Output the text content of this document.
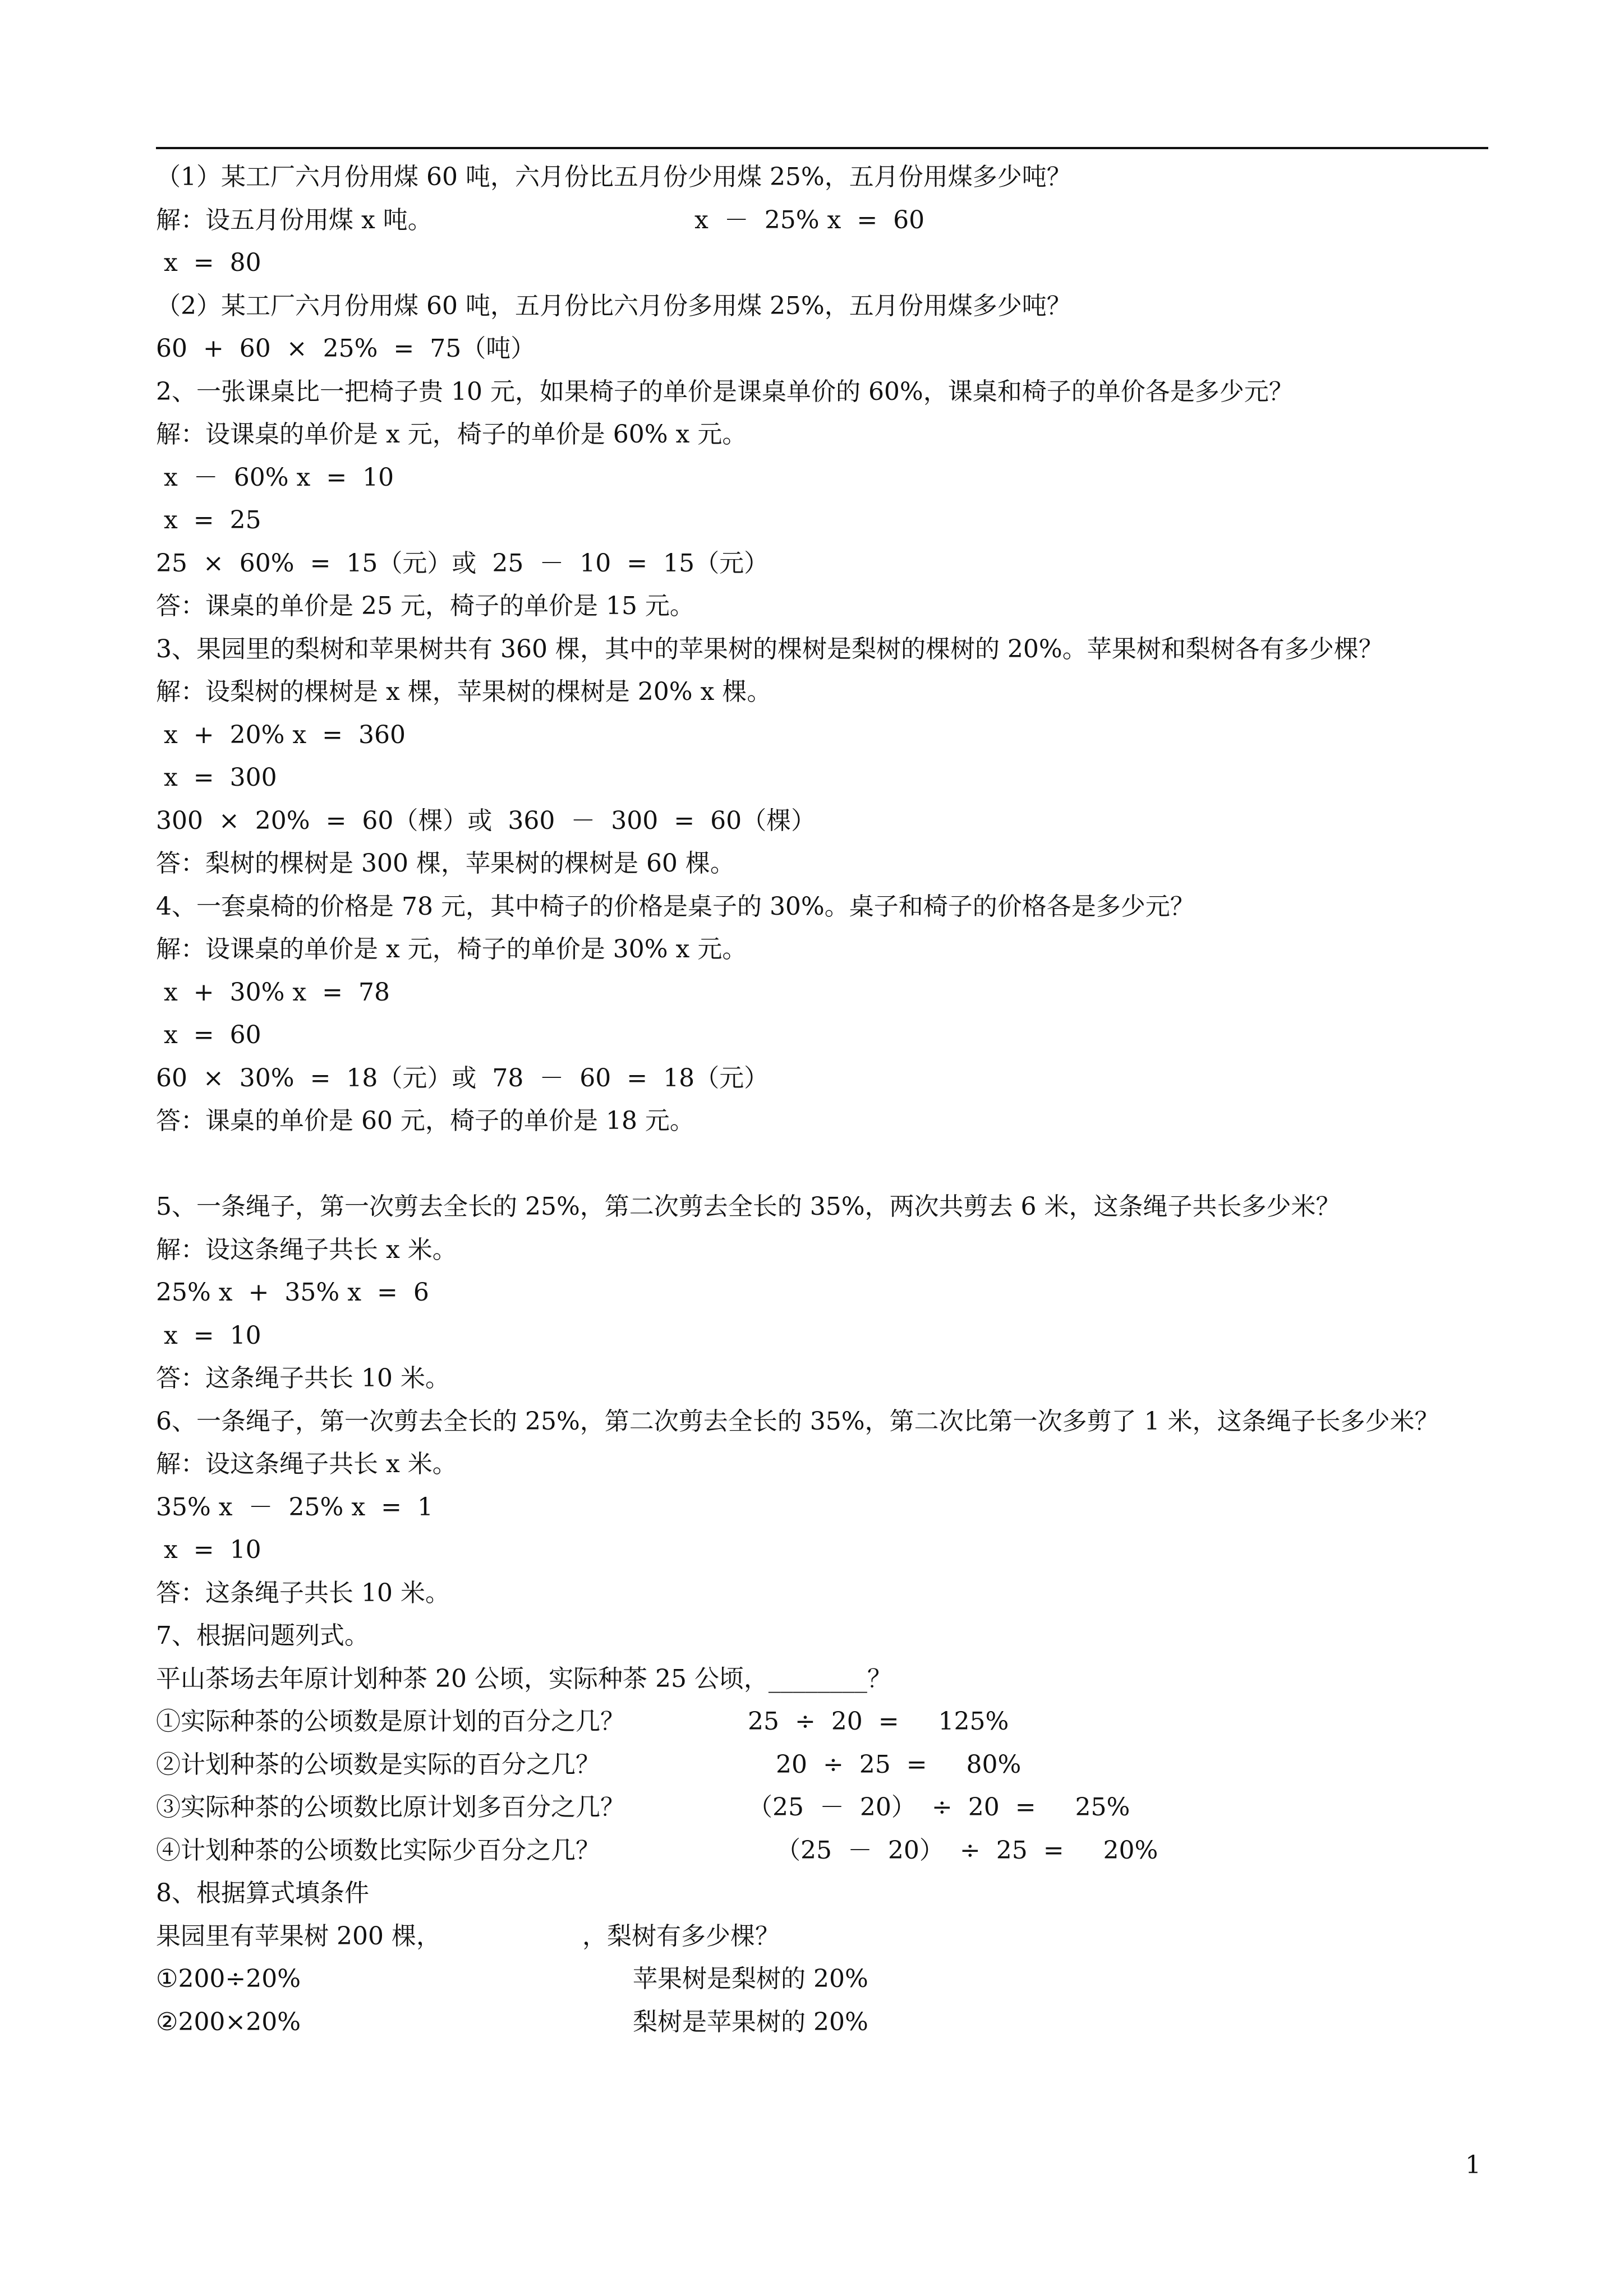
（1）某工厂六月份用煤 60 吨，六月份比五月份少用煤 25%，五月份用煤多少吨？

解：设五月份用煤 x 吨。

	x  －  25% x  =  60

x  =  80
（2）某工厂六月份用煤 60 吨，五月份比六月份多用煤 25%，五月份用煤多少吨？
60  +  60  ×  25%  =  75（吨）
2、一张课桌比一把椅子贵 10 元，如果椅子的单价是课桌单价的 60%，课桌和椅子的单价各是多少元？
解：设课桌的单价是 x 元，椅子的单价是 60% x 元。
x  －  60% x  =  10
x  =  25
25  ×  60%  =  15（元）或  25  －  10  =  15（元）
答：课桌的单价是 25 元，椅子的单价是 15 元。
3、果园里的梨树和苹果树共有 360 棵，其中的苹果树的棵树是梨树的棵树的 20%。苹果树和梨树各有多少棵？
解：设梨树的棵树是 x 棵，苹果树的棵树是 20% x 棵。
x  +  20% x  =  360
x  =  300
300  ×  20%  =  60（棵）或  360  －  300  =  60（棵）
答：梨树的棵树是 300 棵，苹果树的棵树是 60 棵。
4、一套桌椅的价格是 78 元，其中椅子的价格是桌子的 30%。桌子和椅子的价格各是多少元？
解：设课桌的单价是 x 元，椅子的单价是 30% x 元。
x  +  30% x  =  78
x  =  60
60  ×  30%  =  18（元）或  78  －  60  =  18（元）
答：课桌的单价是 60 元，椅子的单价是 18 元。
5、一条绳子，第一次剪去全长的 25%，第二次剪去全长的 35%，两次共剪去 6 米，这条绳子共长多少米？
解：设这条绳子共长 x 米。
25% x  +  35% x  =  6
x  =  10
答：这条绳子共长 10 米。
6、一条绳子，第一次剪去全长的 25%，第二次剪去全长的 35%，第二次比第一次多剪了 1 米，这条绳子长多少米？
解：设这条绳子共长 x 米。
35% x  －  25% x  =  1
x  =  10
答：这条绳子共长 10 米。
7、根据问题列式。
平山茶场去年原计划种茶 20 公顷，实际种茶 25 公顷，________？

①实际种茶的公顷数是原计划的百分之几？

	25  ÷  20  =     125%

②计划种茶的公顷数是实际的百分之几？

	20  ÷  25  =     80%

③实际种茶的公顷数比原计划多百分之几？

	（25  －  20）  ÷  20  =     25%

④计划种茶的公顷数比实际少百分之几？

	（25  －  20）  ÷  25  =     20%

8、根据算式填条件

果园里有苹果树 200 棵，

	，梨树有多少棵？

①200÷20%

	苹果树是梨树的 20%

②200×20%

	梨树是苹果树的 20%

1
